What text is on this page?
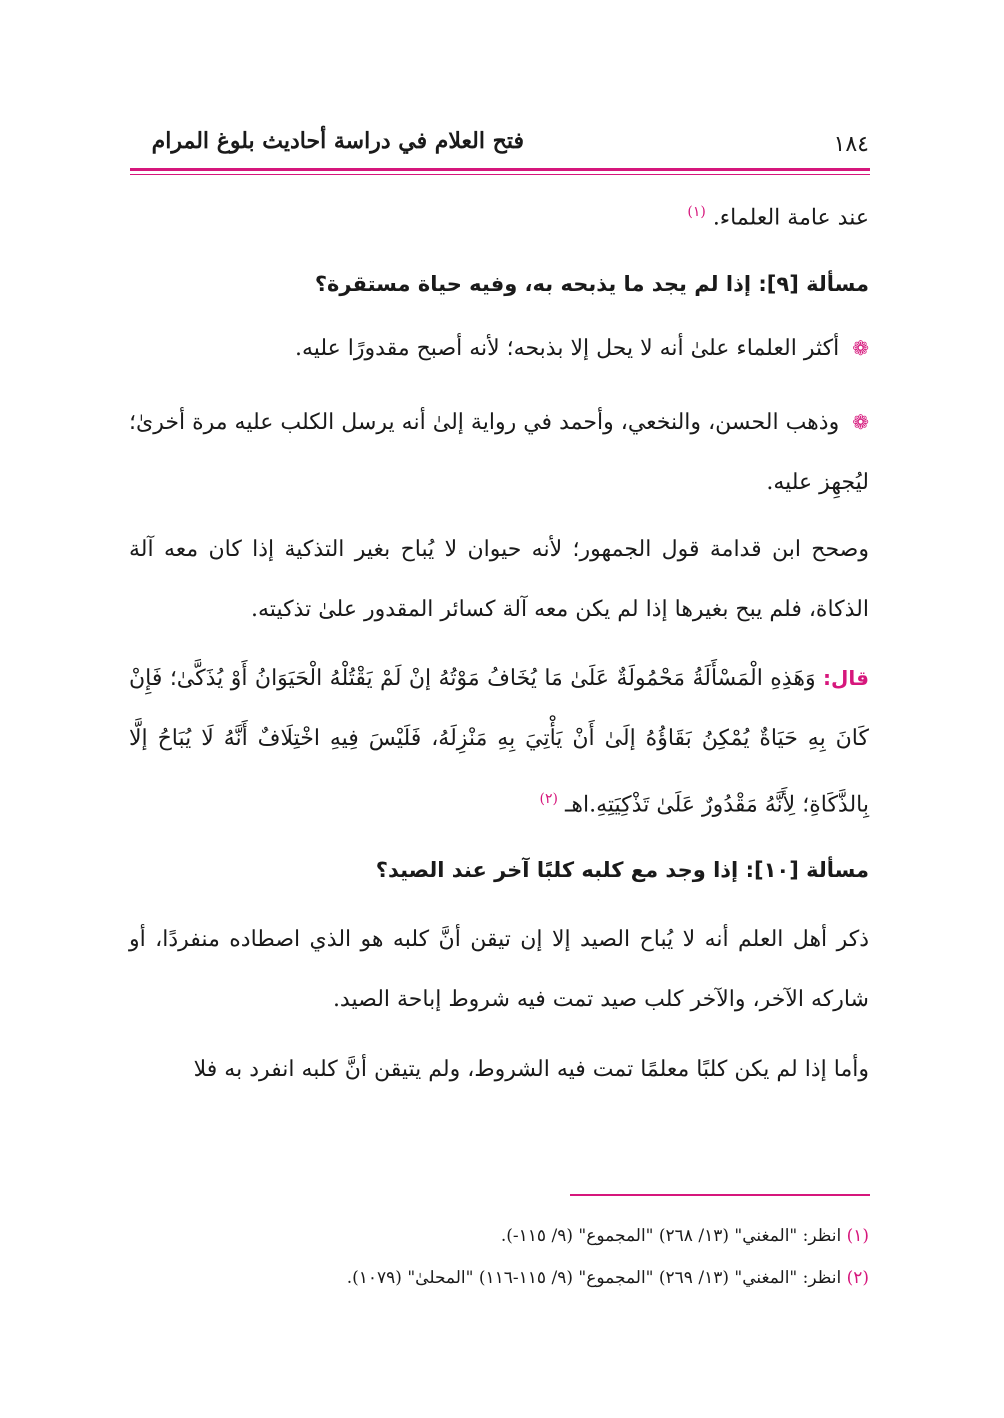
فتح العلام في دراسة أحاديث بلوغ المرام	١٨٤
عند عامة العلماء. $^{(١)}$
مسألة [٩]: إذا لم يجد ما يذبحه به، وفيه حياة مستقرة؟
❁ أكثر العلماء علىٰ أنه لا يحل إلا بذبحه؛ لأنه أصبح مقدورًا عليه.
❁ وذهب الحسن، والنخعي، وأحمد في رواية إلىٰ أنه يرسل الكلب عليه مرة أخرىٰ؛ ليُجهِز عليه.
وصحح ابن قدامة قول الجمهور؛ لأنه حيوان لا يُباح بغير التذكية إذا كان معه آلة الذكاة، فلم يبح بغيرها إذا لم يكن معه آلة كسائر المقدور علىٰ تذكيته.
قال: وَهَذِهِ الْمَسْأَلَةُ مَحْمُولَةٌ عَلَىٰ مَا يُخَافُ مَوْتُهُ إنْ لَمْ يَقْتُلْهُ الْحَيَوَانُ أَوْ يُذَكَّىٰ؛ فَإِنْ كَانَ بِهِ حَيَاةٌ يُمْكِنُ بَقَاؤُهُ إلَىٰ أَنْ يَأْتِيَ بِهِ مَنْزِلَهُ، فَلَيْسَ فِيهِ اخْتِلَافٌ أَنَّهُ لَا يُبَاحُ إلَّا بِالذَّكَاةِ؛ لِأَنَّهُ مَقْدُورٌ عَلَىٰ تَذْكِيَتِهِ.اهـ $^{(٢)}$
مسألة [١٠]: إذا وجد مع كلبه كلبًا آخر عند الصيد؟
ذكر أهل العلم أنه لا يُباح الصيد إلا إن تيقن أنَّ كلبه هو الذي اصطاده منفردًا، أو شاركه الآخر، والآخر كلب صيد تمت فيه شروط إباحة الصيد.
وأما إذا لم يكن كلبًا معلمًا تمت فيه الشروط، ولم يتيقن أنَّ كلبه انفرد به فلا
(١) انظر: "المغني" (١٣/ ٢٦٨) "المجموع" (٩/ ١١٥-).
(٢) انظر: "المغني" (١٣/ ٢٦٩) "المجموع" (٩/ ١١٥-١١٦) "المحلىٰ" (١٠٧٩).
